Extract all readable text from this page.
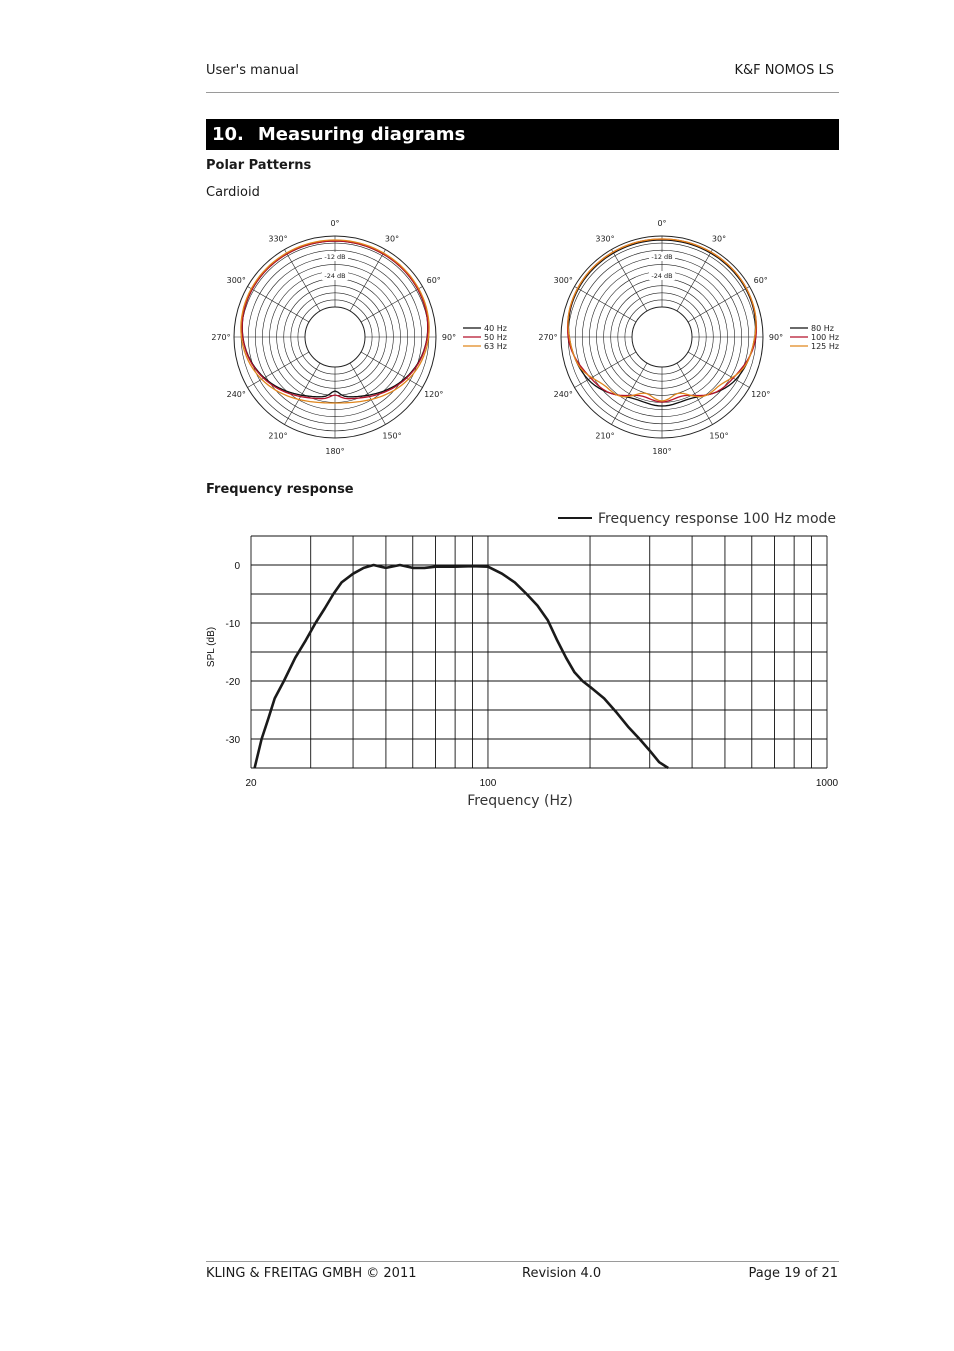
User's manual	K&F NOMOS LS
10. Measuring diagrams
Polar Patterns
Cardioid
0°
30°
60°
90°
120°
150°
180°
210°
240°
270°
300°
330°
-12 dB
-24 dB
40 Hz
50 Hz
63 Hz
0°
30°
60°
90°
120°
150°
180°
210°
240°
270°
300°
330°
-12 dB
-24 dB
80 Hz
100 Hz
125 Hz
Frequency response
Frequency response 100 Hz mode
0
-10
-20
-30
20	100	1000
Frequency (Hz)
SPL (dB)
KLING & FREITAG GMBH © 2011	Revision 4.0	Page 19 of 21
